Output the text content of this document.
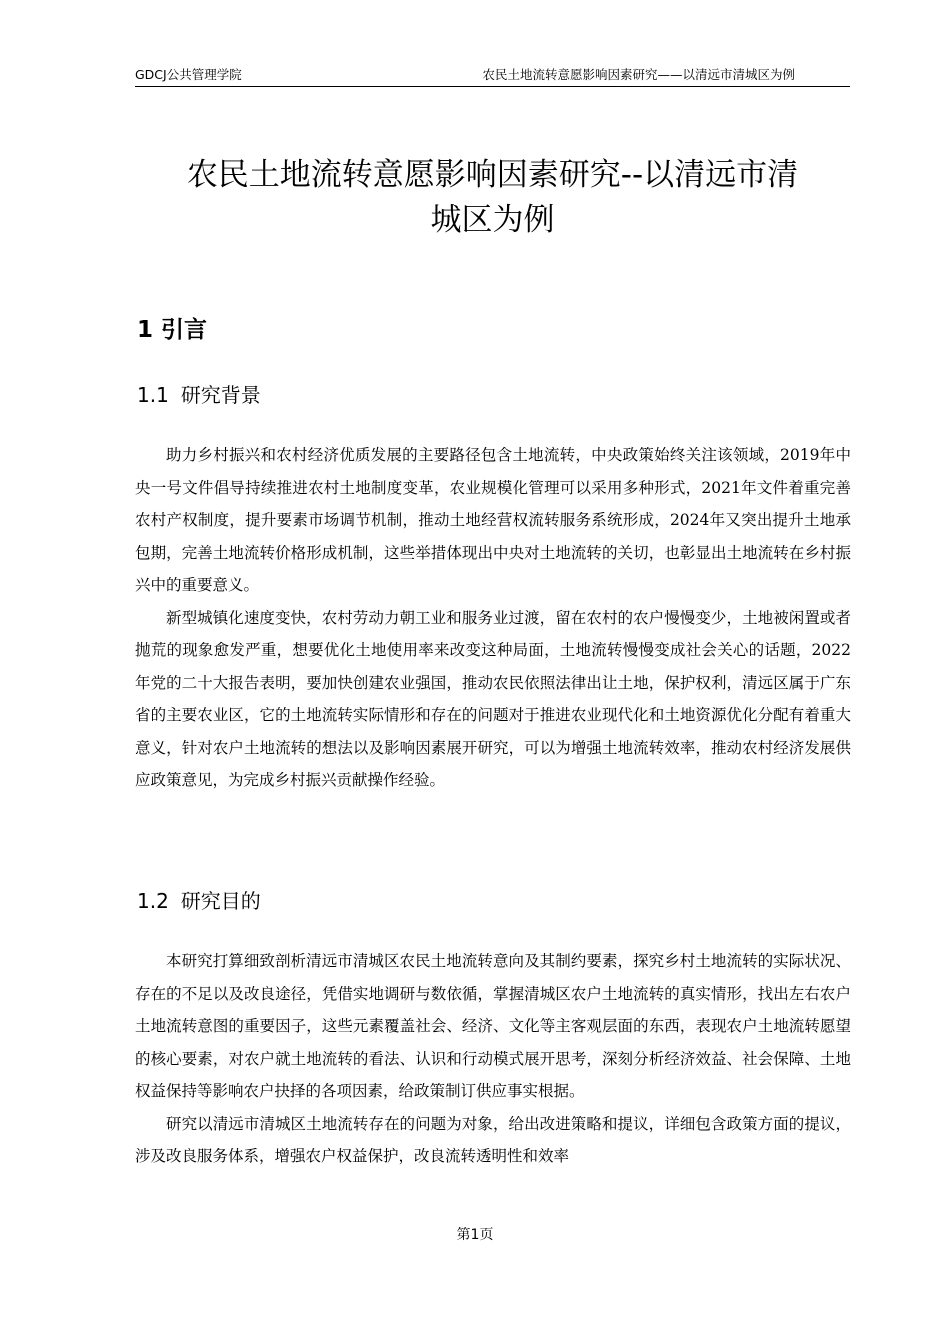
GDCJ公共管理学院	农民土地流转意愿影响因素研究——以清远市清城区为例
农民土地流转意愿影响因素研究--以清远市清
城区为例
1 引言
1.1 研究背景

助力乡村振兴和农村经济优质发展的主要路径包含土地流转，中央政策始终关注该领域，2019年中央一号文件倡导持续推进农村土地制度变革，农业规模化管理可以采用多种形式，2021年文件着重完善农村产权制度，提升要素市场调节机制，推动土地经营权流转服务系统形成，2024年又突出提升土地承包期，完善土地流转价格形成机制，这些举措体现出中央对土地流转的关切，也彰显出土地流转在乡村振兴中的重要意义。

新型城镇化速度变快，农村劳动力朝工业和服务业过渡，留在农村的农户慢慢变少，土地被闲置或者抛荒的现象愈发严重，想要优化土地使用率来改变这种局面，土地流转慢慢变成社会关心的话题，2022年党的二十大报告表明，要加快创建农业强国，推动农民依照法律出让土地，保护权利，清远区属于广东省的主要农业区，它的土地流转实际情形和存在的问题对于推进农业现代化和土地资源优化分配有着重大意义，针对农户土地流转的想法以及影响因素展开研究，可以为增强土地流转效率，推动农村经济发展供应政策意见，为完成乡村振兴贡献操作经验。

1.2 研究目的

本研究打算细致剖析清远市清城区农民土地流转意向及其制约要素，探究乡村土地流转的实际状况、存在的不足以及改良途径，凭借实地调研与数依循，掌握清城区农户土地流转的真实情形，找出左右农户土地流转意图的重要因子，这些元素覆盖社会、经济、文化等主客观层面的东西，表现农户土地流转愿望的核心要素，对农户就土地流转的看法、认识和行动模式展开思考，深刻分析经济效益、社会保障、土地权益保持等影响农户抉择的各项因素，给政策制订供应事实根据。

研究以清远市清城区土地流转存在的问题为对象，给出改进策略和提议，详细包含政策方面的提议，涉及改良服务体系，增强农户权益保护，改良流转透明性和效率

第1页
